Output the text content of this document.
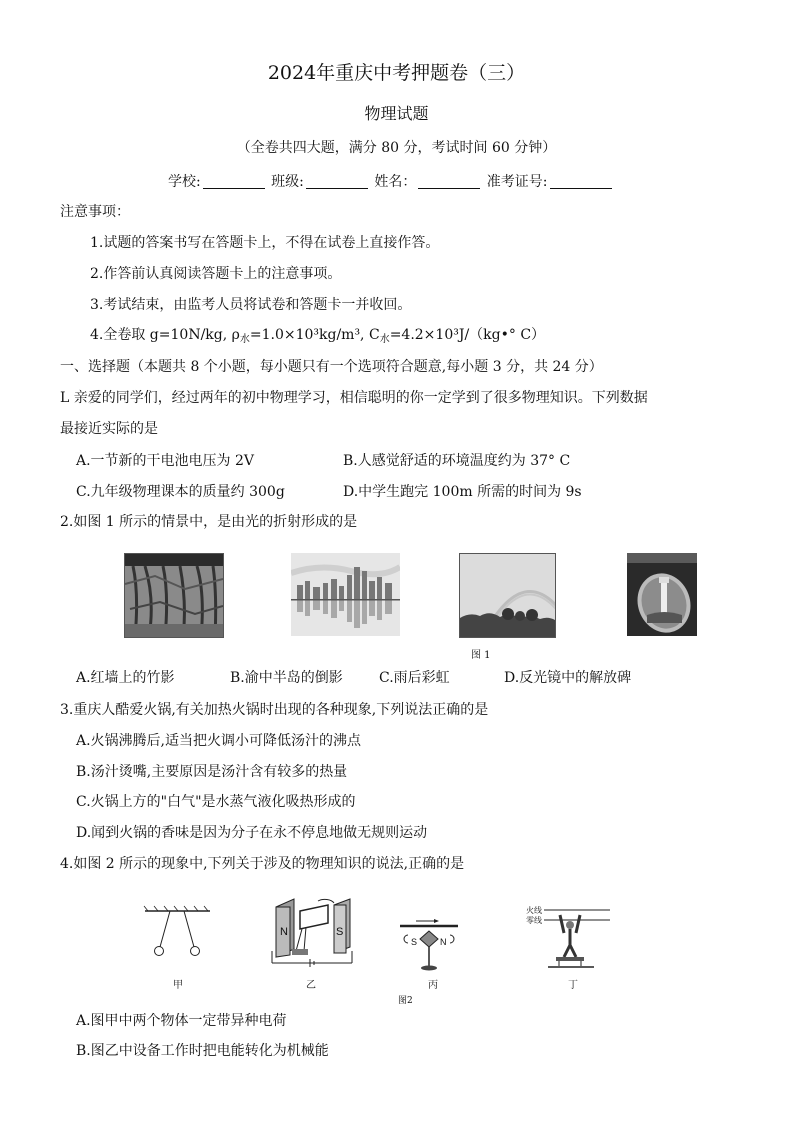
2024年重庆中考押题卷（三）
物理试题
（全卷共四大题，满分 80 分，考试时间 60 分钟）
学校:	班级:	姓名：	准考证号:
注意事项：
1.试题的答案书写在答题卡上，不得在试卷上直接作答。
2.作答前认真阅读答题卡上的注意事项。
3.考试结束，由监考人员将试卷和答题卡一并收回。
4.全卷取 g=10N/kg, $\rho_水=1.0\times 10^3kg/m^3$, $C_水=4.2\times 10^3J/(kg•^\circ$ C）
一、选择题（本题共 8 个小题，每小题只有一个选项符合题意,每小题 3 分，共 24 分）
L 亲爱的同学们，经过两年的初中物理学习，相信聪明的你一定学到了很多物理知识。下列数据
最接近实际的是
A.一节新的干电池电压为 2V	B.人感觉舒适的环境温度约为 37° C
C.九年级物理课本的质量约 300g	D.中学生跑完 100m 所需的时间为 9s
2.如图 1 所示的情景中，是由光的折射形成的是
图 1
A.红墙上的竹影	B.渝中半岛的倒影	C.雨后彩虹	D.反光镜中的解放碑
3.重庆人酷爱火锅,有关加热火锅时出现的各种现象,下列说法正确的是
A.火锅沸腾后,适当把火调小可降低汤汁的沸点
B.汤汁烫嘴,主要原因是汤汁含有较多的热量
C.火锅上方的"白气"是水蒸气液化吸热形成的
D.闻到火锅的香味是因为分子在永不停息地做无规则运动
4.如图 2 所示的现象中,下列关于涉及的物理知识的说法,正确的是
甲
N	S
乙
S	N
丙
火线
零线
丁
图2
A.图甲中两个物体一定带异种电荷
B.图乙中设备工作时把电能转化为机械能
